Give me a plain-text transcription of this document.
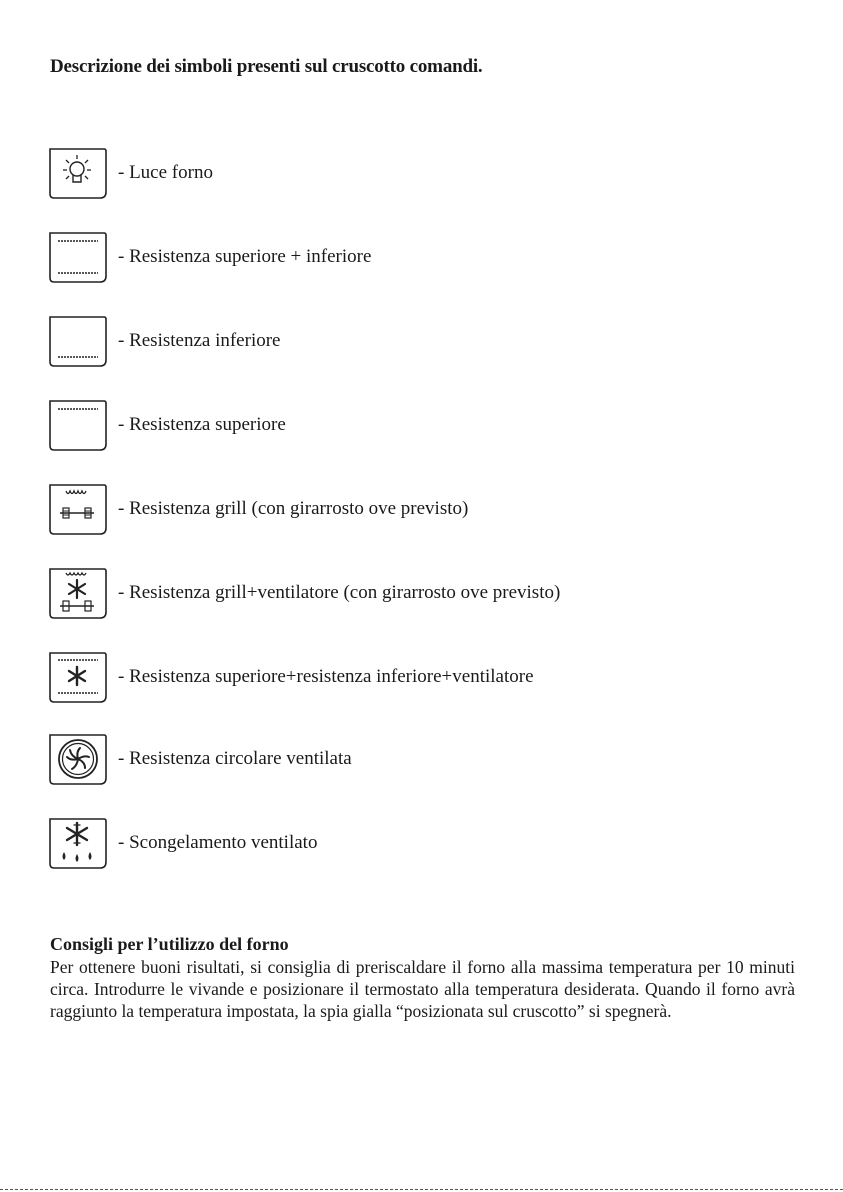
Descrizione dei simboli presenti sul cruscotto comandi.
- Luce forno
- Resistenza superiore + inferiore
- Resistenza inferiore
- Resistenza superiore
- Resistenza grill (con girarrosto ove previsto)
- Resistenza grill+ventilatore (con girarrosto ove previsto)
- Resistenza superiore+resistenza inferiore+ventilatore
- Resistenza circolare ventilata
- Scongelamento ventilato
Consigli per l’utilizzo del forno
Per ottenere buoni risultati, si consiglia di preriscaldare il forno alla massima temperatura per 10 minuti circa. Introdurre le vivande e posizionare il termostato alla temperatura desiderata. Quando il forno avrà raggiunto la temperatura impostata, la spia gialla “posizionata sul cruscotto” si spegnerà.
